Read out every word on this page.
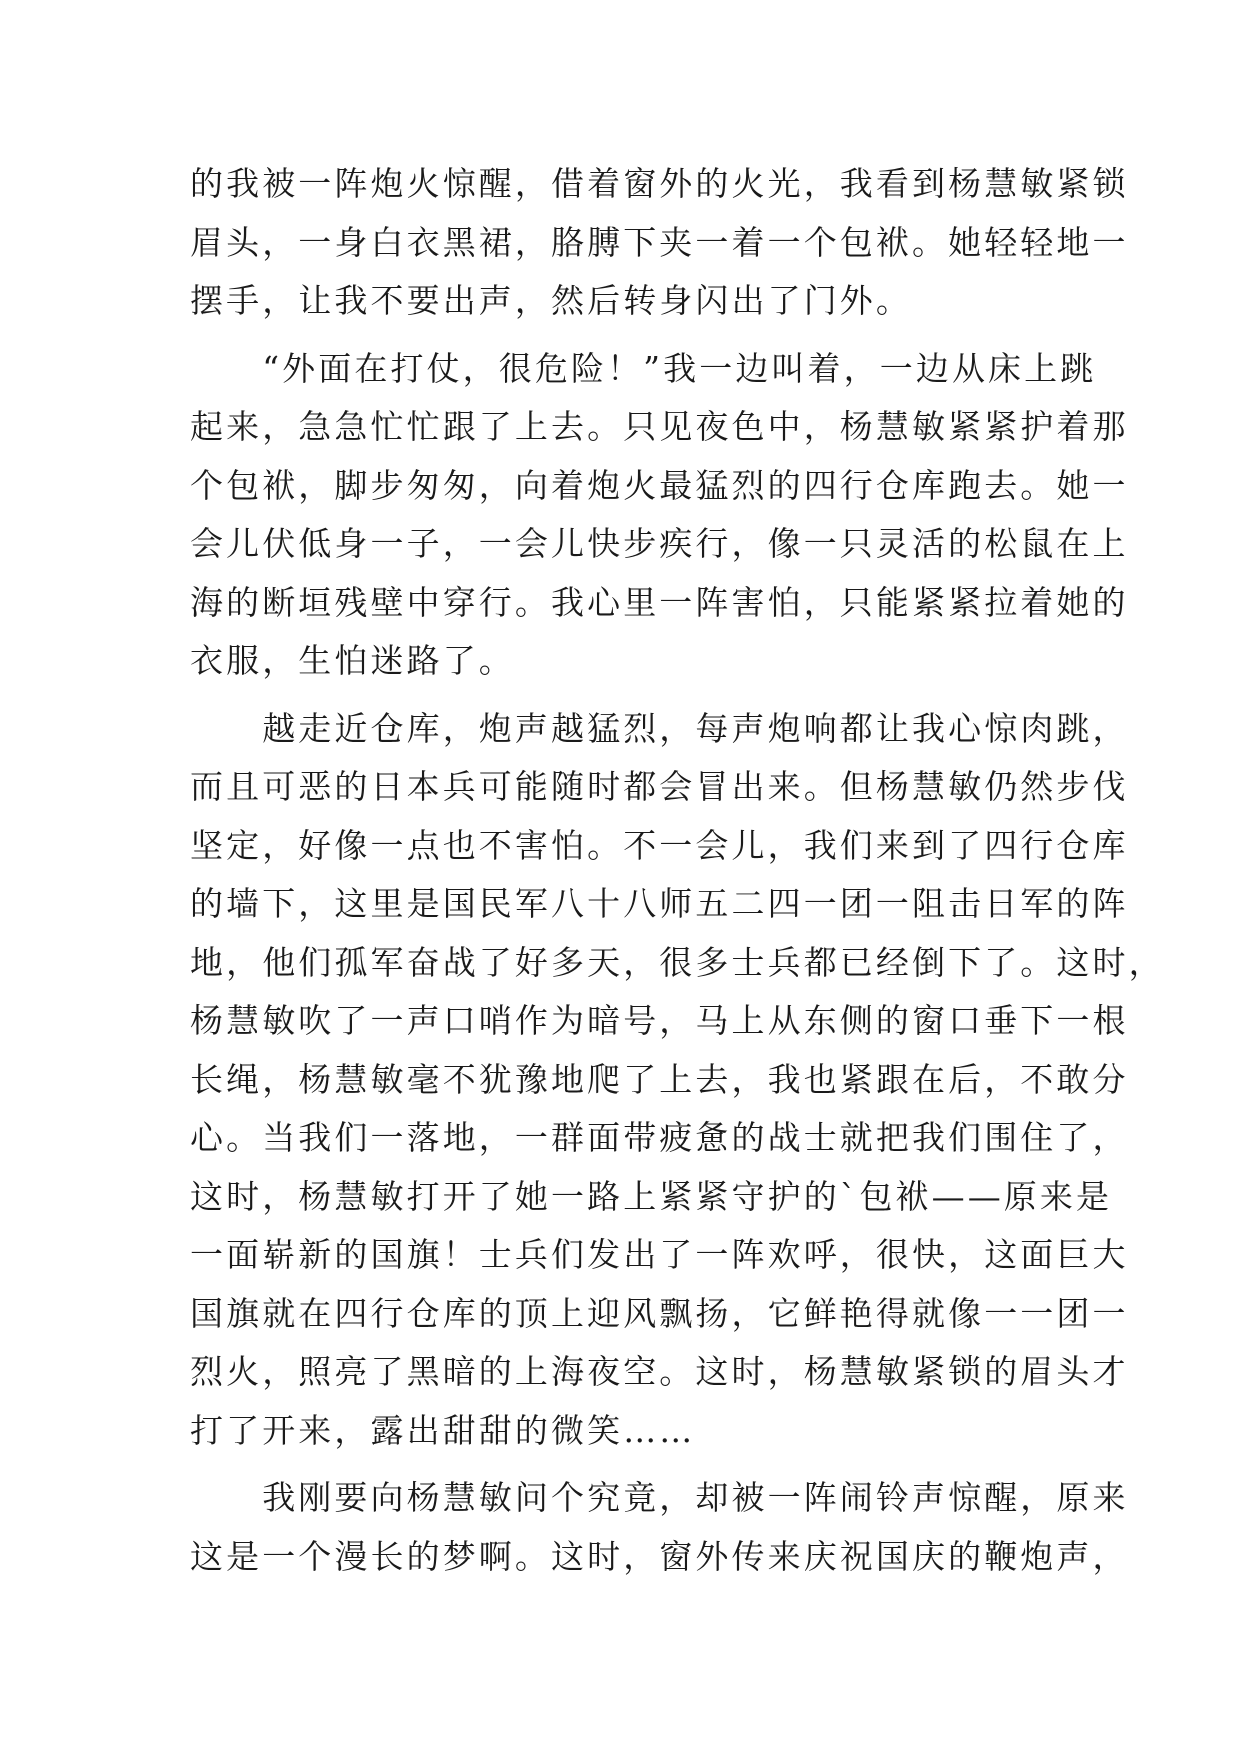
的我被一阵炮火惊醒，借着窗外的火光，我看到杨慧敏紧锁
眉头，一身白衣黑裙，胳膊下夹一着一个包袱。她轻轻地一
摆手，让我不要出声，然后转身闪出了门外。
　　“外面在打仗，很危险！”我一边叫着，一边从床上跳
起来，急急忙忙跟了上去。只见夜色中，杨慧敏紧紧护着那
个包袱，脚步匆匆，向着炮火最猛烈的四行仓库跑去。她一
会儿伏低身一子，一会儿快步疾行，像一只灵活的松鼠在上
海的断垣残壁中穿行。我心里一阵害怕，只能紧紧拉着她的
衣服，生怕迷路了。
　　越走近仓库，炮声越猛烈，每声炮响都让我心惊肉跳，
而且可恶的日本兵可能随时都会冒出来。但杨慧敏仍然步伐
坚定，好像一点也不害怕。不一会儿，我们来到了四行仓库
的墙下，这里是国民军八十八师五二四一团一阻击日军的阵
地，他们孤军奋战了好多天，很多士兵都已经倒下了。这时，
杨慧敏吹了一声口哨作为暗号，马上从东侧的窗口垂下一根
长绳，杨慧敏毫不犹豫地爬了上去，我也紧跟在后，不敢分
心。当我们一落地，一群面带疲惫的战士就把我们围住了，
这时，杨慧敏打开了她一路上紧紧守护的`包袱——原来是
一面崭新的国旗！士兵们发出了一阵欢呼，很快，这面巨大
国旗就在四行仓库的顶上迎风飘扬，它鲜艳得就像一一团一
烈火，照亮了黑暗的上海夜空。这时，杨慧敏紧锁的眉头才
打了开来，露出甜甜的微笑……
　　我刚要向杨慧敏问个究竟，却被一阵闹铃声惊醒，原来
这是一个漫长的梦啊。这时，窗外传来庆祝国庆的鞭炮声，
